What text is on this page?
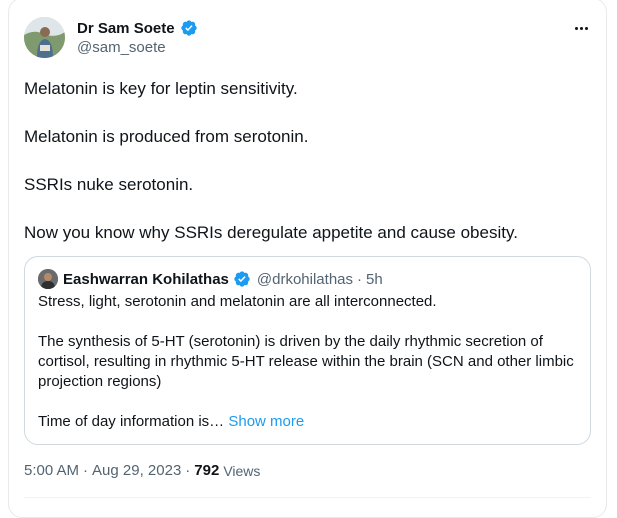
Dr Sam Soete
@sam_soete

Melatonin is key for leptin sensitivity.

Melatonin is produced from serotonin.

SSRIs nuke serotonin.

Now you know why SSRIs deregulate appetite and cause obesity.

Eashwarran Kohilathas @drkohilathas · 5h

Stress, light, serotonin and melatonin are all interconnected.

The synthesis of 5-HT (serotonin) is driven by the daily rhythmic secretion of cortisol, resulting in rhythmic 5-HT release within the brain (SCN and other limbic projection regions)

Time of day information is… Show more

5:00 AM · Aug 29, 2023 · 792 Views
